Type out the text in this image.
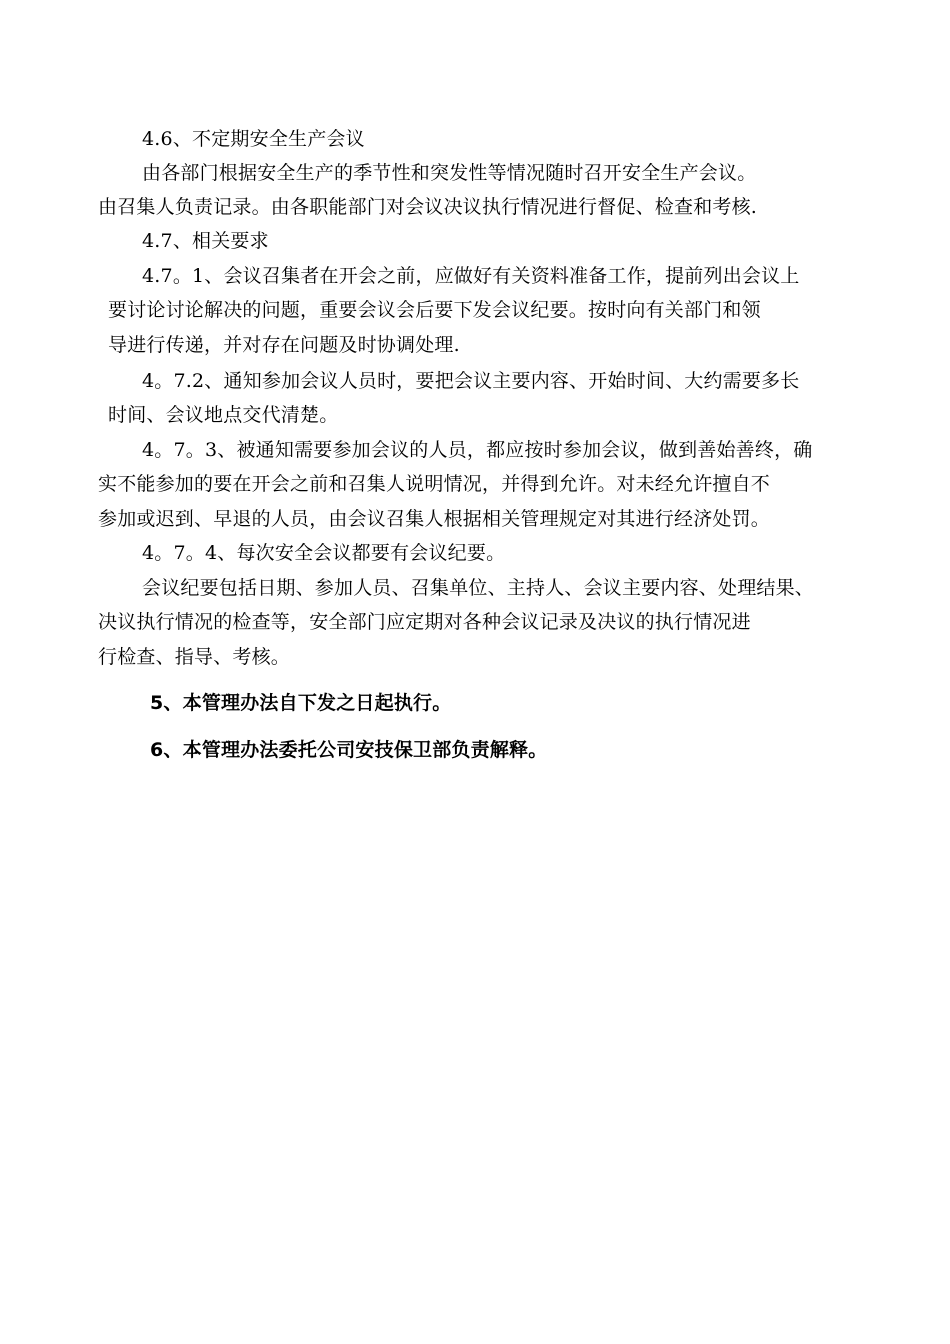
4.6、不定期安全生产会议
由各部门根据安全生产的季节性和突发性等情况随时召开安全生产会议。
由召集人负责记录。由各职能部门对会议决议执行情况进行督促、检查和考核.
4.7、相关要求
4.7。1、会议召集者在开会之前，应做好有关资料准备工作，提前列出会议上
要讨论讨论解决的问题，重要会议会后要下发会议纪要。按时向有关部门和领
导进行传递，并对存在问题及时协调处理.
4。7.2、通知参加会议人员时，要把会议主要内容、开始时间、大约需要多长
时间、会议地点交代清楚。
4。7。3、被通知需要参加会议的人员，都应按时参加会议，做到善始善终，确
实不能参加的要在开会之前和召集人说明情况，并得到允许。对未经允许擅自不
参加或迟到、早退的人员，由会议召集人根据相关管理规定对其进行经济处罚。
4。7。4、每次安全会议都要有会议纪要。
会议纪要包括日期、参加人员、召集单位、主持人、会议主要内容、处理结果、
决议执行情况的检查等，安全部门应定期对各种会议记录及决议的执行情况进
行检查、指导、考核。
5、本管理办法自下发之日起执行。
6、本管理办法委托公司安技保卫部负责解释。
